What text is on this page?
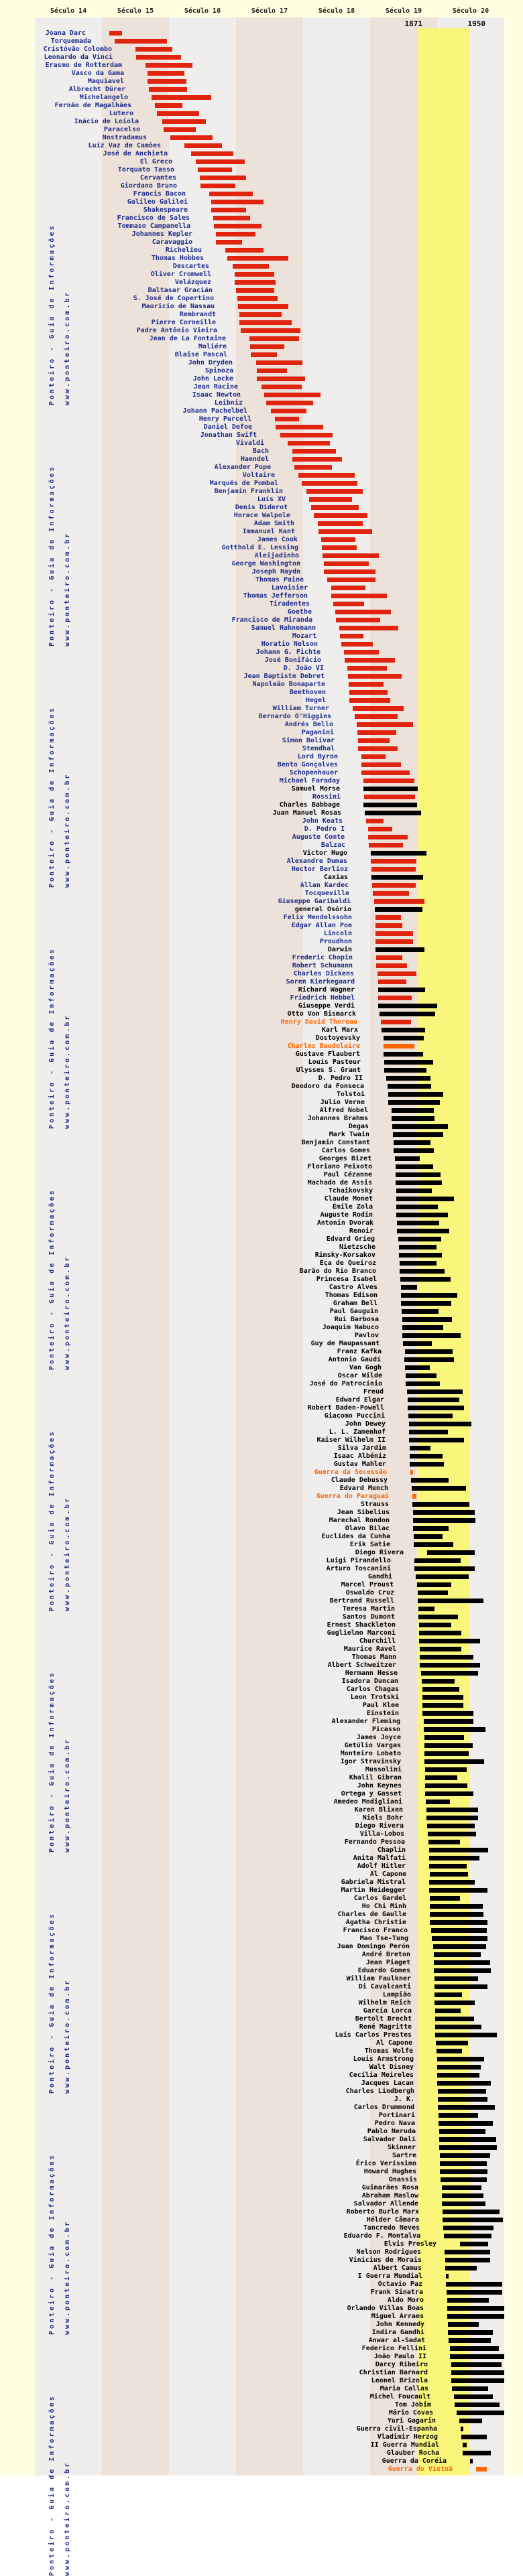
Século 14	Século 15	Século 16	Século 17	Século 18	Século 19	Século 20
1871	1950
Ponteiro - Guia de Informações	www.ponteiro.com.br
Ponteiro - Guia de Informações	www.ponteiro.com.br
Ponteiro - Guia de Informações	www.ponteiro.com.br
Ponteiro - Guia de Informações	www.ponteiro.com.br
Ponteiro - Guia de Informações	www.ponteiro.com.br
Ponteiro - Guia de Informações	www.ponteiro.com.br
Ponteiro - Guia de Informações	www.ponteiro.com.br
Ponteiro - Guia de Informações	www.ponteiro.com.br
Ponteiro - Guia de Informações	www.ponteiro.com.br
Ponteiro - Guia de Informações	www.ponteiro.com.br
Joana Darc
Torquemada
Cristóvão Colombo
Leonardo da Vinci
Erasmo de Rotterdam
Vasco da Gama
Maquiavel
Albrecht Dürer
Michelangelo
Fernão de Magalhães
Lutero
Inácio de Loiola
Paracelso
Nostradamus
Luíz Vaz de Camões
José de Anchieta
El Greco
Torquato Tasso
Cervantes
Giordano Bruno
Francis Bacon
Galileo Galilei
Shakespeare
Francisco de Sales
Tommaso Campanella
Johannes Kepler
Caravaggio
Richelieu
Thomas Hobbes
Descartes
Oliver Cromwell
Velázquez
Baltasar Gracián
S. José de Copertino
Mauricio de Nassau
Rembrandt
Pierre Corneille
Padre Antônio Vieira
Jean de La Fontaine
Moliére
Blaise Pascal
John Dryden
Spinoza
John Locke
Jean Racine
Isaac Newton
Leibniz
Johann Pachelbel
Henry Purcell
Daniel Defoe
Jonathan Swift
Vivaldi
Bach
Haendel
Alexander Pope
Voltaire
Marquês de Pombal
Benjamin Franklin
Luís XV
Denis Diderot
Horace Walpole
Adam Smith
Immanuel Kant
James Cook
Gotthold E. Lessing
Aleijadinho
George Washington
Joseph Haydn
Thomas Paine
Lavoisier
Thomas Jefferson
Tiradentes
Goethe
Francisco de Miranda
Samuel Hahnemann
Mozart
Horatio Nelson
Johann G. Fichte
José Bonifácio
D. João VI
Jean Baptiste Debret
Napoleão Bonaparte
Beethoven
Hegel
William Turner
Bernardo O'Higgins
Andrés Bello
Paganini
Simon Bolívar
Stendhal
Lord Byron
Bento Gonçalves
Schopenhauer
Michael Faraday
Samuel Morse
Rossini
Charles Babbage
Juan Manuel Rosas
John Keats
D. Pedro I
Auguste Comte
Balzac
Victor Hugo
Alexandre Dumas
Hector Berlioz
Caxias
Allan Kardec
Tocqueville
Giuseppe Garibaldi
general Osório
Felix Mendelssohn
Edgar Allan Poe
Lincoln
Proudhon
Darwin
Frederic Chopin
Robert Schumann
Charles Dickens
Soren Kierkegaard
Richard Wagner
Friedrich Hebbel
Giuseppe Verdi
Otto Von Bismarck
Henry David Thoreau
Karl Marx
Dostoyevsky
Charles Baudelaire
Gustave Flaubert
Louis Pasteur
Ulysses S. Grant
D. Pedro II
Deodoro da Fonseca
Tolstoi
Julio Verne
Alfred Nobel
Johannes Brahms
Degas
Mark Twain
Benjamin Constant
Carlos Gomes
Georges Bizet
Floriano Peixoto
Paul Cézanne
Machado de Assis
Tchaikovsky
Claude Monet
Émile Zola
Auguste Rodin
Antonin Dvorak
Renoir
Edvard Grieg
Nietzsche
Rimsky-Korsakov
Eça de Queiroz
Barão do Rio Branco
Princesa Isabel
Castro Alves
Thomas Edison
Graham Bell
Paul Gauguin
Rui Barbosa
Joaquim Nabuco
Pavlov
Guy de Maupassant
Franz Kafka
Antonio Gaudí
Van Gogh
Oscar Wilde
José do Patrocínio
Freud
Edward Elgar
Robert Baden-Powell
Giacomo Puccini
John Dewey
L. L. Zamenhof
Kaiser Wilhelm II
Silva Jardim
Isaac Albéniz
Gustav Mahler
Guerra da Secessão
Claude Debussy
Edvard Munch
Guerra do Paraguai
Strauss
Jean Sibelius
Marechal Rondon
Olavo Bilac
Euclides da Cunha
Erik Satie
Diego Rivera
Luigi Pirandello
Arturo Toscanini
Gandhi
Marcel Proust
Oswaldo Cruz
Bertrand Russell
Teresa Martin
Santos Dumont
Ernest Shackleton
Guglielmo Marconi
Churchill
Maurice Ravel
Thomas Mann
Albert Schweitzer
Hermann Hesse
Isadora Duncan
Carlos Chagas
Leon Trotski
Paul Klee
Einstein
Alexander Fleming
Picasso
James Joyce
Getúlio Vargas
Monteiro Lobato
Igor Stravinsky
Mussolini
Khalil Gibran
John Keynes
Ortega y Gasset
Amedeo Modigliani
Karen Blixen
Niels Bohr
Diego Rivera
Villa-Lobos
Fernando Pessoa
Chaplin
Anita Malfati
Adolf Hitler
Al Capone
Gabriela Mistral
Martin Heidegger
Carlos Gardel
Ho Chi Minh
Charles de Gaulle
Agatha Christie
Francisco Franco
Mao Tse-Tung
Juan Domingo Perón
André Breton
Jean Piaget
Eduardo Gomes
William Faulkner
Di Cavalcanti
Lampião
Wilhelm Reich
García Lorca
Bertolt Brecht
René Magritte
Luís Carlos Prestes
Al Capone
Thomas Wolfe
Louis Armstrong
Walt Disney
Cecília Meireles
Jacques Lacan
Charles Lindbergh
J. K.
Carlos Drummond
Portinari
Pedro Nava
Pablo Neruda
Salvador Dali
Skinner
Sartre
Érico Veríssimo
Howard Hughes
Onassis
Guimarães Rosa
Abraham Maslow
Salvador Allende
Roberto Burle Marx
Hélder Câmara
Tancredo Neves
Eduardo F. Montalva
Elvis Presley
Nelson Rodrigues
Vinícius de Morais
Albert Camus
I Guerra Mundial
Octavio Paz
Frank Sinatra
Aldo Moro
Orlando Villas Boas
Miguel Arraes
John Kennedy
Indira Gandhi
Anwar al-Sadat
Federico Fellini
João Paulo II
Darcy Ribeiro
Christian Barnard
Leonel Brizola
Maria Callas
Michel Foucault
Tom Jobim
Mário Covas
Yuri Gagarin
Guerra civil-Espanha
Vladimir Herzog
II Guerra Mundial
Glauber Rocha
Guerra da Coréia
Guerra do Vietnã
